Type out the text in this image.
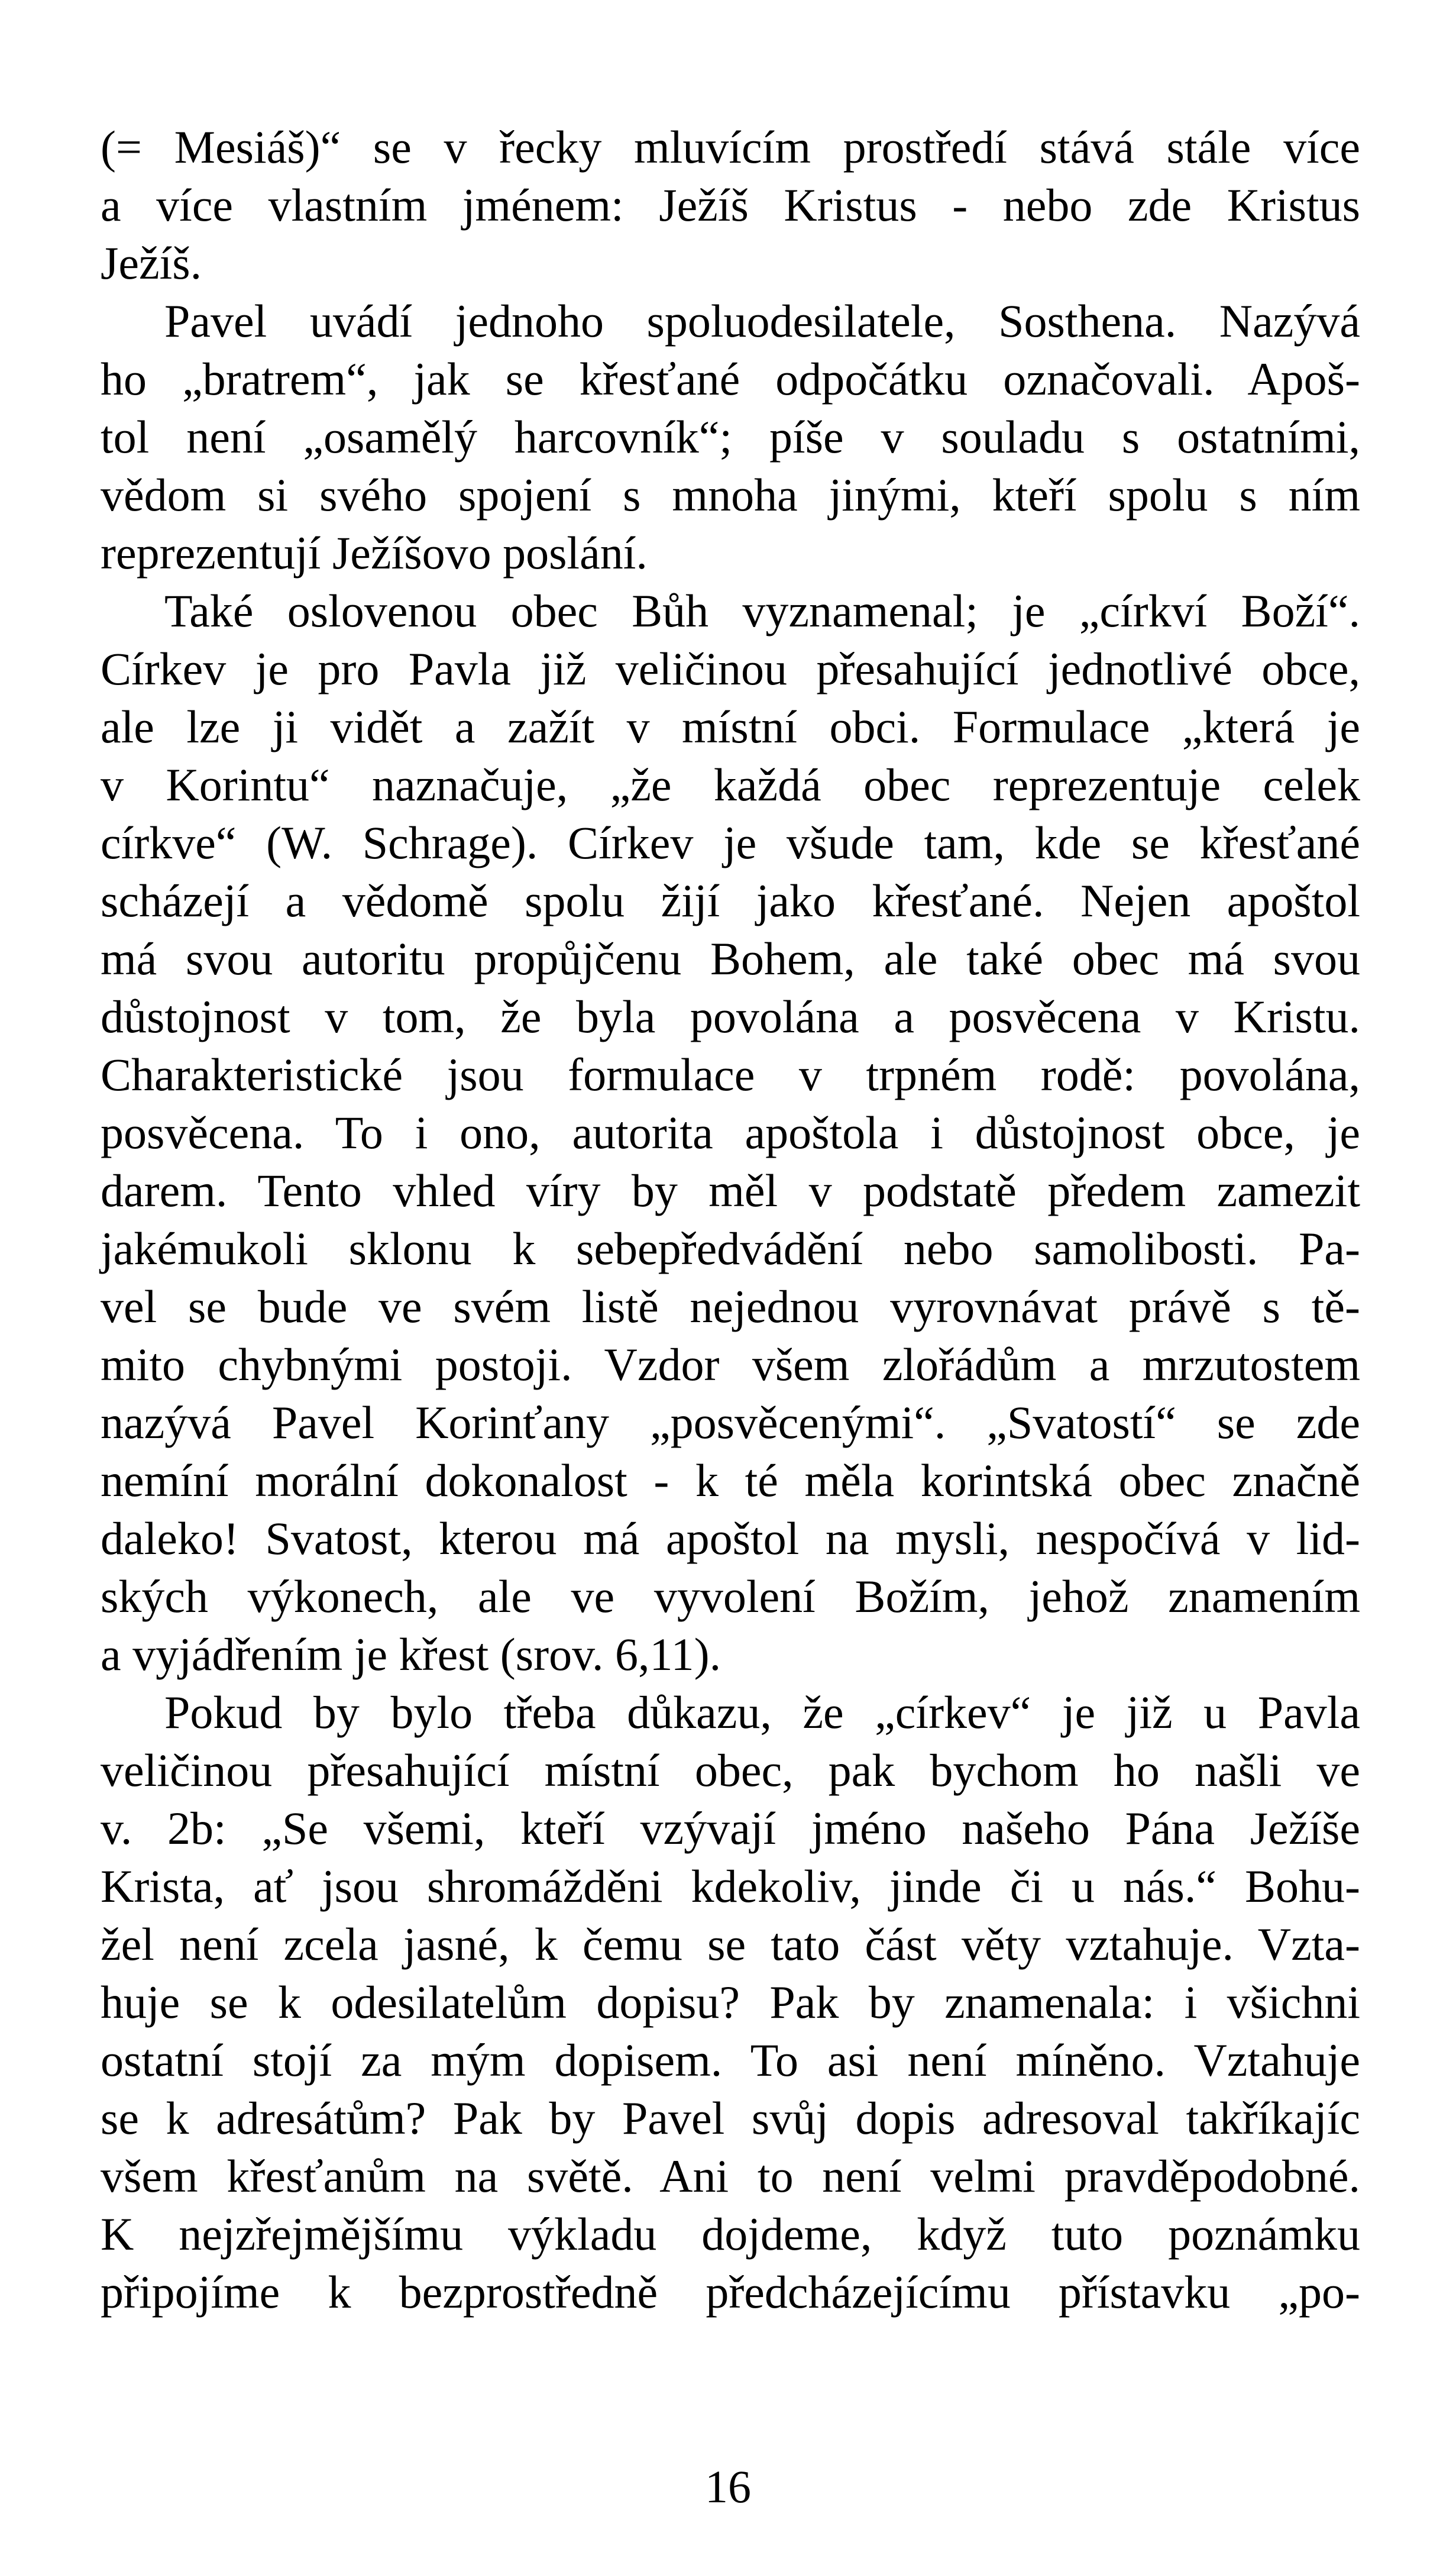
(= Mesiáš)“ se v řecky mluvícím prostředí stává stále více
a více vlastním jménem: Ježíš Kristus - nebo zde Kristus
Ježíš.
Pavel uvádí jednoho spoluodesilatele, Sosthena. Nazývá
ho „bratrem“, jak se křesťané odpočátku označovali. Apoš-
tol není „osamělý harcovník“; píše v souladu s ostatními,
vědom si svého spojení s mnoha jinými, kteří spolu s ním
reprezentují Ježíšovo poslání.
Také oslovenou obec Bůh vyznamenal; je „církví Boží“.
Církev je pro Pavla již veličinou přesahující jednotlivé obce,
ale lze ji vidět a zažít v místní obci. Formulace „která je
v Korintu“ naznačuje, „že každá obec reprezentuje celek
církve“ (W. Schrage). Církev je všude tam, kde se křesťané
scházejí a vědomě spolu žijí jako křesťané. Nejen apoštol
má svou autoritu propůjčenu Bohem, ale také obec má svou
důstojnost v tom, že byla povolána a posvěcena v Kristu.
Charakteristické jsou formulace v trpném rodě: povolána,
posvěcena. To i ono, autorita apoštola i důstojnost obce, je
darem. Tento vhled víry by měl v podstatě předem zamezit
jakémukoli sklonu k sebepředvádění nebo samolibosti. Pa-
vel se bude ve svém listě nejednou vyrovnávat právě s tě-
mito chybnými postoji. Vzdor všem zlořádům a mrzutostem
nazývá Pavel Korinťany „posvěcenými“. „Svatostí“ se zde
nemíní morální dokonalost - k té měla korintská obec značně
daleko! Svatost, kterou má apoštol na mysli, nespočívá v lid-
ských výkonech, ale ve vyvolení Božím, jehož znamením
a vyjádřením je křest (srov. 6,11).
Pokud by bylo třeba důkazu, že „církev“ je již u Pavla
veličinou přesahující místní obec, pak bychom ho našli ve
v. 2b: „Se všemi, kteří vzývají jméno našeho Pána Ježíše
Krista, ať jsou shromážděni kdekoliv, jinde či u nás.“ Bohu-
žel není zcela jasné, k čemu se tato část věty vztahuje. Vzta-
huje se k odesilatelům dopisu? Pak by znamenala: i všichni
ostatní stojí za mým dopisem. To asi není míněno. Vztahuje
se k adresátům? Pak by Pavel svůj dopis adresoval takříkajíc
všem křesťanům na světě. Ani to není velmi pravděpodobné.
K nejzřejmějšímu výkladu dojdeme, když tuto poznámku
připojíme k bezprostředně předcházejícímu přístavku „po-
16
